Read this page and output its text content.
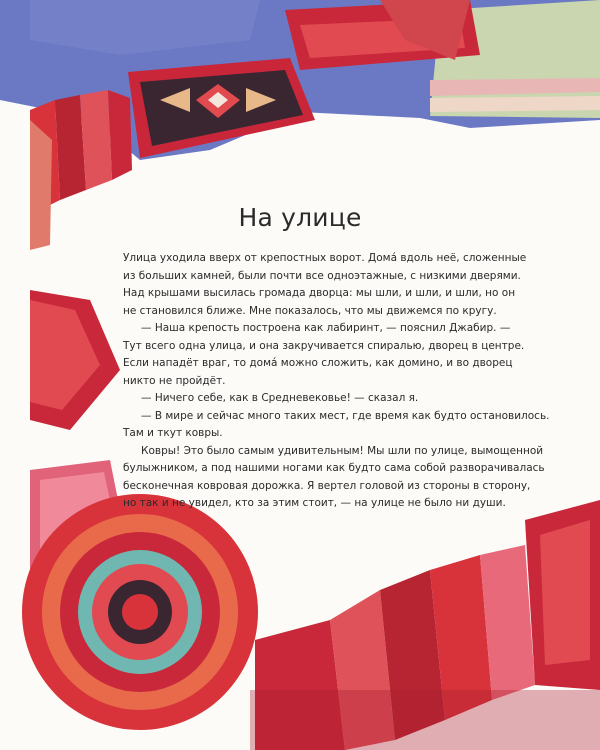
На улице

Улица уходила вверх от крепостных ворот. Домá вдоль неё, сложенные

из больших камней, были почти все одноэтажные, с низкими дверями.

Над крышами высилась громада дворца: мы шли, и шли, и шли, но он

не становился ближе. Мне показалось, что мы движемся по кругу.

— Наша крепость построена как лабиринт, — пояснил Джабир. —

Тут всего одна улица, и она закручивается спиралью, дворец в центре.

Если нападёт враг, то домá можно сложить, как домино, и во дворец

никто не пройдёт.

— Ничего себе, как в Средневековье! — сказал я.

— В мире и сейчас много таких мест, где время как будто остановилось.

Там и ткут ковры.

Ковры! Это было самым удивительным! Мы шли по улице, вымощенной

булыжником, а под нашими ногами как будто сама собой разворачивалась

бесконечная ковровая дорожка. Я вертел головой из стороны в сторону,

но так и не увидел, кто за этим стоит, — на улице не было ни души.
